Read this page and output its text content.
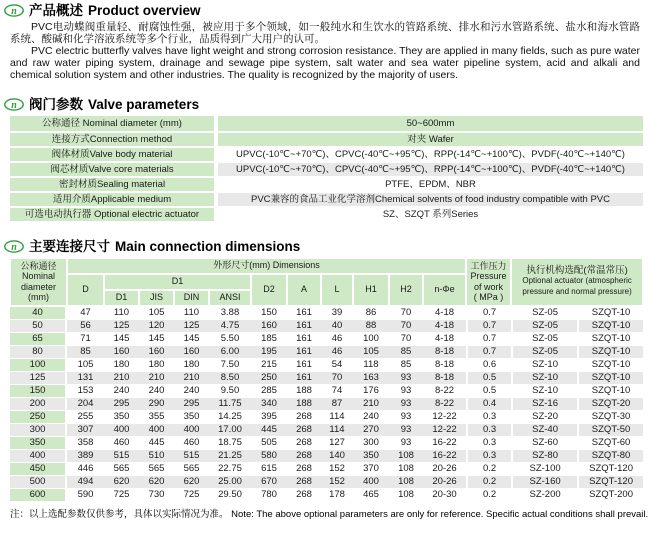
n 产品概述 Product overview

PVC电动蝶阀重量轻、耐腐蚀性强，被应用于多个领域，如一般纯水和生饮水的管路系统、排水和污水管路系统、盐水和海水管路系统、酸碱和化学溶液系统等多个行业，品质得到广大用户的认可。

PVC electric butterfly valves have light weight and strong corrosion resistance. They are applied in many fields, such as pure water and raw water piping system, drainage and sewage pipe system, salt water and sea water pipeline system, acid and alkali and chemical solution system and other industries. The quality is recognized by the majority of users.

n 阀门参数 Valve parameters
公称通径 Nominal diameter (mm)	50~600mm
连接方式Connection method	对夹 Wafer
阀体材质Valve body material	UPVC(-10℃~+70℃)、CPVC(-40℃~+95℃)、RPP(-14℃~+100℃)、PVDF(-40℃~+140℃)
阀芯材质Valve core materials	UPVC(-10℃~+70℃)、CPVC(-40℃~+95℃)、RPP(-14℃~+100℃)、PVDF(-40℃~+140℃)
密封材质Sealing material	PTFE、EPDM、NBR
适用介质Applicable medium	PVC兼容的食品工业化学溶剂Chemical solvents of food industry compatible with PVC
可选电动执行器 Optional electric actuator	SZ、SZQT 系列Series
n 主要连接尺寸 Main connection dimensions
公称通径
Nominal
diameter
(mm)	外形尺寸(mm) Dimensions											工作压力
Pressure
of work
( MPa )	执行机构选配(常温常压)
Optional actuator (atmospheric
pressure and normal pressure)	

	D	D1				D2	A	L	H1	H2	n-Φe			
		D1	JIS	DIN	ANSI									
40	47	110	105	110	3.88	150	161	39	86	70	4-18	0.7	SZ-05	SZQT-10
50	56	125	120	125	4.75	160	161	40	88	70	4-18	0.7	SZ-05	SZQT-10
65	71	145	145	145	5.50	185	161	46	100	70	4-18	0.7	SZ-05	SZQT-10
80	85	160	160	160	6.00	195	161	46	105	85	8-18	0.7	SZ-05	SZQT-10
100	105	180	180	180	7.50	215	161	54	118	85	8-18	0.6	SZ-10	SZQT-10
125	131	210	210	210	8.50	250	161	70	163	93	8-18	0.5	SZ-10	SZQT-10
150	153	240	240	240	9.50	285	188	74	176	93	8-22	0.5	SZ-10	SZQT-10
200	204	295	290	295	11.75	340	188	87	210	93	8-22	0.4	SZ-16	SZQT-20
250	255	350	355	350	14.25	395	268	114	240	93	12-22	0.3	SZ-20	SZQT-30
300	307	400	400	400	17.00	445	268	114	270	93	12-22	0.3	SZ-40	SZQT-50
350	358	460	445	460	18.75	505	268	127	300	93	16-22	0.3	SZ-60	SZQT-60
400	389	515	510	515	21.25	580	268	140	350	108	16-22	0.3	SZ-80	SZQT-80
450	446	565	565	565	22.75	615	268	152	370	108	20-26	0.2	SZ-100	SZQT-120
500	494	620	620	620	25.00	670	268	152	400	108	20-26	0.2	SZ-160	SZQT-120
600	590	725	730	725	29.50	780	268	178	465	108	20-30	0.2	SZ-200	SZQT-200
注：以上选配参数仅供参考，具体以实际情况为准。 Note: The above optional parameters are only for reference. Specific actual conditions shall prevail.
